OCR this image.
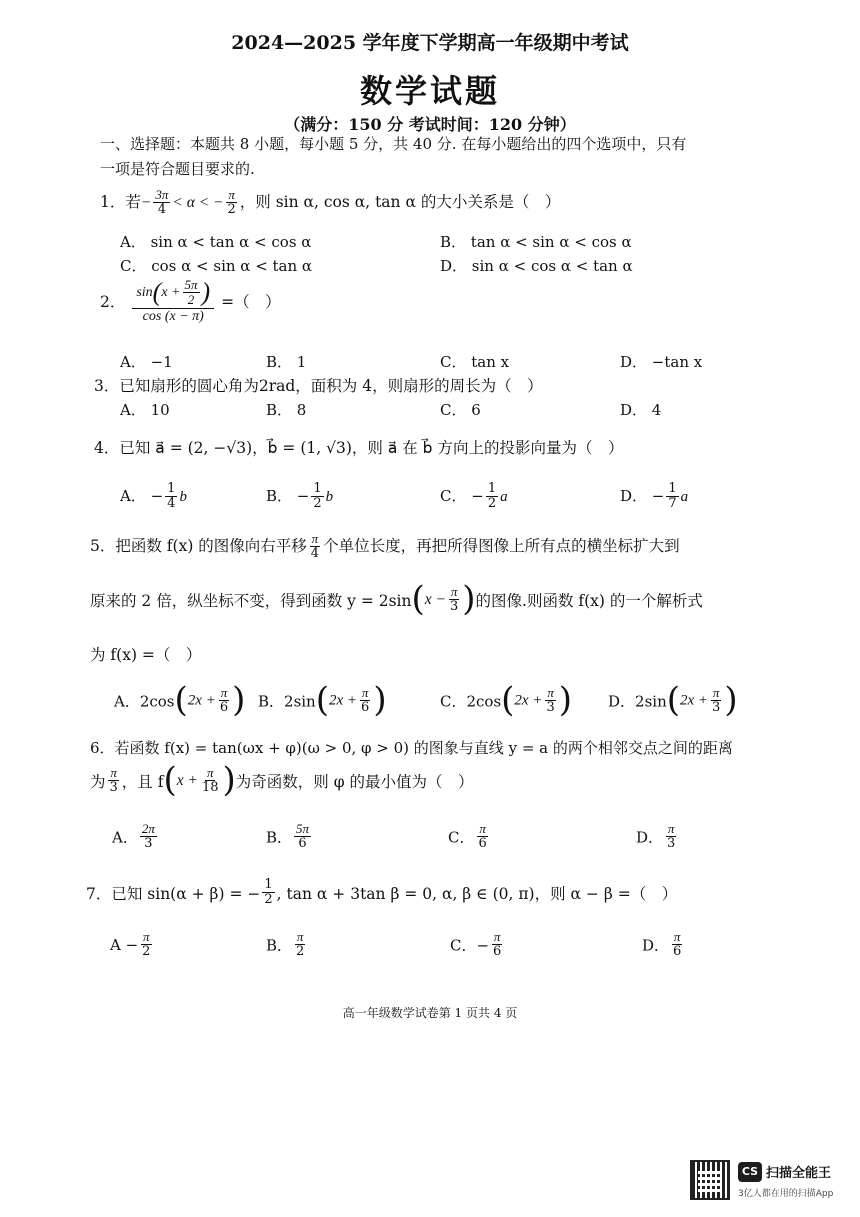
2024—2025 学年度下学期高一年级期中考试
数学试题
（满分：150 分 考试时间：120 分钟）
一、选择题：本题共 8 小题，每小题 5 分，共 40 分. 在每小题给出的四个选项中，只有
一项是符合题目要求的.
1．若− $\frac{3\pi}{4} < \alpha$ < − $\frac{\pi}{2}$ ，则 sin α, cos α, tan α 的大小关系是（　）
A． sin α < tan α < cos α	B． tan α < sin α < cos α
C． cos α < sin α < tan α	D． sin α < cos α < tan α
2． $\frac{\sin(x + \frac{5\pi}{2} )}{\cos (x - \pi)}$ =（　）
A． −1	B． 1	C． tan x	D． −tan x
3．已知扇形的圆心角为2rad，面积为 4，则扇形的周长为（　）
A． 10	B． 8	C． 6	D． 4
4．已知 a⃗ = (2, −√3)，b⃗ = (1, √3)，则 a⃗ 在 b⃗ 方向上的投影向量为（　）
A． − $\frac{1}{4}$ b⃗	B． − $\frac{1}{2}$ b⃗	C． − $\frac{1}{2}$ a⃗	D． − $\frac{1}{7}$ a⃗
5．把函数 f(x) 的图像向右平移 $\frac{\pi}{4}$ 个单位长度，再把所得图像上所有点的横坐标扩大到
原来的 2 倍，纵坐标不变，得到函数 $y = 2\sin(x - \frac{\pi}{3}$ )的图像.则函数 f(x) 的一个解析式
为 f(x) =（　）
A．$2\cos(2x + \frac{\pi}{6}$ ) B．$2\sin(2x + \frac{\pi}{6}$ )	C．$2\cos(2x + \frac{\pi}{3}$ ) D．$2\sin(2x + \frac{\pi}{3}$ )
6．若函数 f(x) = tan(ωx + φ)(ω > 0, φ > 0) 的图象与直线 y = a 的两个相邻交点之间的距离
为 $\frac{\pi}{3}$ ，且 $f(x + \frac{\pi}{18}$ )为奇函数，则 φ 的最小值为（　）
A． $\frac{2\pi}{3}$	B． $\frac{5\pi}{6}$	C． $\frac{\pi}{6}$	D． $\frac{\pi}{3}$
7．已知 sin(α + β) = − $\frac{1}{2}$ , tan α + 3tan β = 0, α, β ∈ (0, π)，则 α − β =（　）
$A - \frac{\pi}{2}$	B． $\frac{\pi}{2}$	C．− $\frac{\pi}{6}$	D． $\frac{\pi}{6}$
高一年级数学试卷第 1 页共 4 页
CS 扫描全能王
3亿人都在用的扫描App
